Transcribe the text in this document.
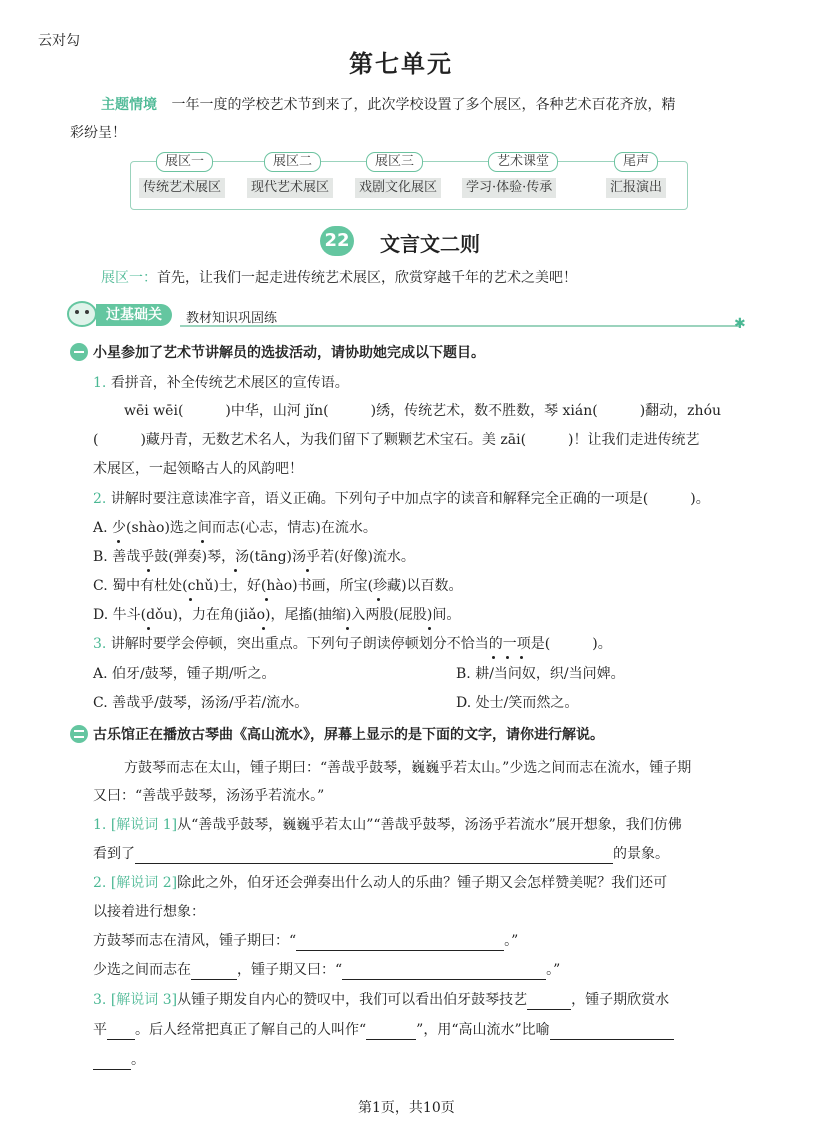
云对勾
第七单元
主题情境 一年一度的学校艺术节到来了，此次学校设置了多个展区，各种艺术百花齐放，精
彩纷呈！
展区一	展区二	展区三	艺术课堂	尾声
传统艺术展区	现代艺术展区	戏剧文化展区	学习·体验·传承	汇报演出
22 文言文二则
展区一：首先，让我们一起走进传统艺术展区，欣赏穿越千年的艺术之美吧！
过基础关	教材知识巩固练	✱
小星参加了艺术节讲解员的选拔活动，请协助她完成以下题目。
1. 看拼音，补全传统艺术展区的宣传语。
wēi wēi(　　　)中华，山河 jǐn(　　　)绣，传统艺术，数不胜数，琴 xián(　　　)翻动，zhóu
(　　　)藏丹青，无数艺术名人，为我们留下了颗颗艺术宝石。美 zāi(　　　)！让我们走进传统艺
术展区，一起领略古人的风韵吧！
2. 讲解时要注意读准字音，语义正确。下列句子中加点字的读音和解释完全正确的一项是(　　　)。
A. 少(shào)选之间而志(心志，情志)在流水。
B. 善哉乎鼓(弹奏)琴，汤(tāng)汤乎若(好像)流水。
C. 蜀中有杜处(chǔ)士，好(hào)书画，所宝(珍藏)以百数。
D. 牛斗(dǒu)，力在角(jiǎo)，尾搐(抽缩)入两股(屁股)间。
3. 讲解时要学会停顿，突出重点。下列句子朗读停顿划分不恰当的一项是(　　　)。
A. 伯牙/鼓琴，锺子期/听之。	B. 耕/当问奴，织/当问婢。
C. 善哉乎/鼓琴，汤汤/乎若/流水。	D. 处士/笑而然之。
古乐馆正在播放古琴曲《高山流水》，屏幕上显示的是下面的文字，请你进行解说。
方鼓琴而志在太山，锺子期曰：“善哉乎鼓琴，巍巍乎若太山。”少选之间而志在流水，锺子期
又曰：“善哉乎鼓琴，汤汤乎若流水。”
1. [解说词 1]从“善哉乎鼓琴，巍巍乎若太山”“善哉乎鼓琴，汤汤乎若流水”展开想象，我们仿佛
看到了	的景象。
2. [解说词 2]除此之外，伯牙还会弹奏出什么动人的乐曲？锺子期又会怎样赞美呢？我们还可
以接着进行想象：
方鼓琴而志在清风，锺子期曰：“	。”
少选之间而志在	，锺子期又曰：“	。”
3. [解说词 3]从锺子期发自内心的赞叹中，我们可以看出伯牙鼓琴技艺	，锺子期欣赏水
平 。后人经常把真正了解自己的人叫作“	”，用“高山流水”比喻
。
第1页，共10页
